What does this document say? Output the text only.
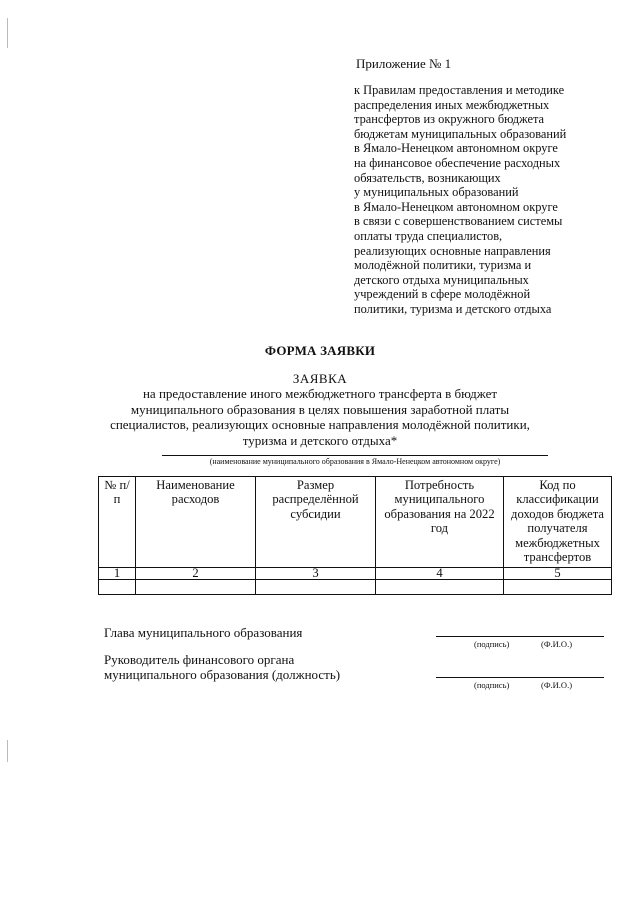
Приложение № 1
к Правилам предоставления и методике
распределения иных межбюджетных
трансфертов из окружного бюджета
бюджетам муниципальных образований
в Ямало-Ненецком автономном округе
на финансовое обеспечение расходных
обязательств, возникающих
у муниципальных образований
в Ямало-Ненецком автономном округе
в связи с совершенствованием системы
оплаты труда специалистов,
реализующих основные направления
молодёжной политики, туризма и
детского отдыха муниципальных
учреждений в сфере молодёжной
политики, туризма и детского отдыха
ФОРМА ЗАЯВКИ
ЗАЯВКА
на предоставление иного межбюджетного трансферта в бюджет
муниципального образования в целях повышения заработной платы
специалистов, реализующих основные направления молодёжной политики,
туризма и детского отдыха*
(наименование муниципального образования в Ямало-Ненецком автономном округе)
№ п/п	Наименование расходов	Размер распределённой субсидии	Потребность муниципального образования на 2022 год	Код по классификации доходов бюджета получателя межбюджетных трансфертов
1	2	3	4	5

Глава муниципального образования
(подпись)	(Ф.И.О.)
Руководитель финансового органа
муниципального образования (должность)
(подпись)	(Ф.И.О.)
